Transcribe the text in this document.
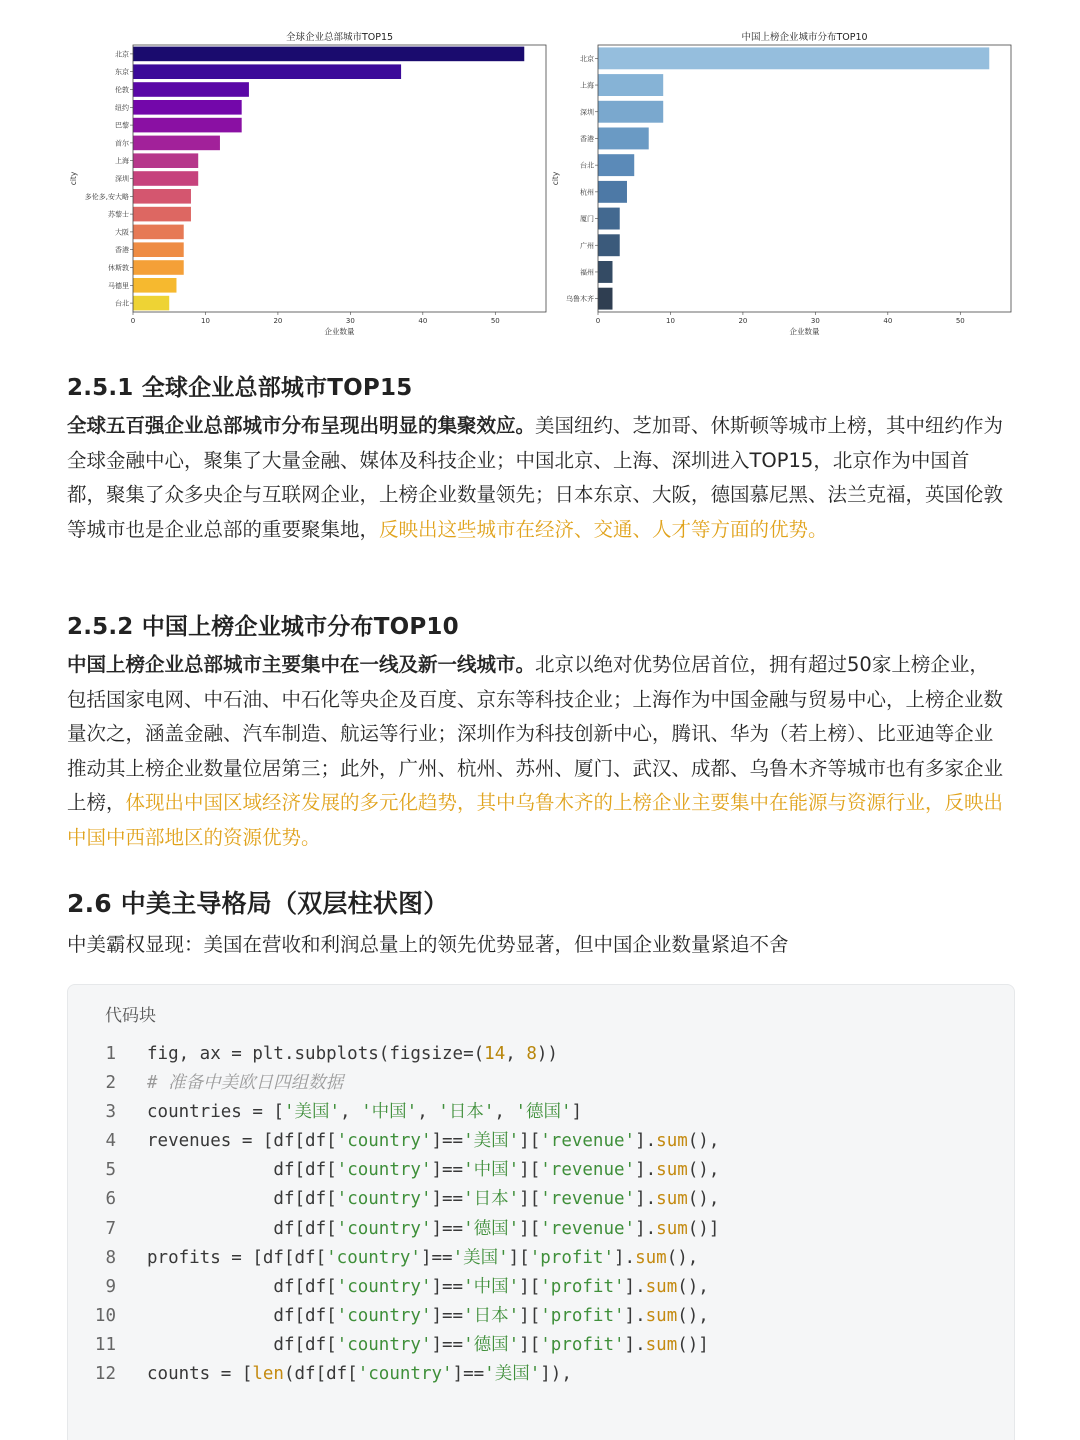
全球企业总部城市TOP15
北京
东京
伦敦
纽约
巴黎
首尔
上海
深圳
多伦多,安大略
苏黎士
大阪
香港
休斯敦
马德里
台北
0	10	20	30	40	50
企业数量
city
中国上榜企业城市分布TOP10
北京
上海
深圳
香港
台北
杭州
厦门
广州
福州
乌鲁木齐
0	10	20	30	40	50
企业数量
city
2.5.1 全球企业总部城市TOP15

全球五百强企业总部城市分布呈现出明显的集聚效应。美国纽约、芝加哥、休斯顿等城市上榜，其中纽约作为全球金融中心，聚集了大量金融、媒体及科技企业；中国北京、上海、深圳进入TOP15，北京作为中国首都，聚集了众多央企与互联网企业，上榜企业数量领先；日本东京、大阪，德国慕尼黑、法兰克福，英国伦敦等城市也是企业总部的重要聚集地，反映出这些城市在经济、交通、人才等方面的优势。

2.5.2 中国上榜企业城市分布TOP10

中国上榜企业总部城市主要集中在一线及新一线城市。北京以绝对优势位居首位，拥有超过50家上榜企业，包括国家电网、中石油、中石化等央企及百度、京东等科技企业；上海作为中国金融与贸易中心，上榜企业数量次之，涵盖金融、汽车制造、航运等行业；深圳作为科技创新中心，腾讯、华为（若上榜）、比亚迪等企业推动其上榜企业数量位居第三；此外，广州、杭州、苏州、厦门、武汉、成都、乌鲁木齐等城市也有多家企业上榜，体现出中国区域经济发展的多元化趋势，其中乌鲁木齐的上榜企业主要集中在能源与资源行业，反映出中国中西部地区的资源优势。

2.6 中美主导格局（双层柱状图）

中美霸权显现：美国在营收和利润总量上的领先优势显著，但中国企业数量紧追不舍

代码块
1 fig, ax = plt.subplots(figsize=(14, 8))
2 # 准备中美欧日四组数据
3 countries = ['美国', '中国', '日本', '德国']
4 revenues = [df[df['country']=='美国']['revenue'].sum(),
5 df[df['country']=='中国']['revenue'].sum(),
6 df[df['country']=='日本']['revenue'].sum(),
7 df[df['country']=='德国']['revenue'].sum()]
8 profits = [df[df['country']=='美国']['profit'].sum(),
9 df[df['country']=='中国']['profit'].sum(),
10 df[df['country']=='日本']['profit'].sum(),
11 df[df['country']=='德国']['profit'].sum()]
12 counts = [len(df[df['country']=='美国']),
